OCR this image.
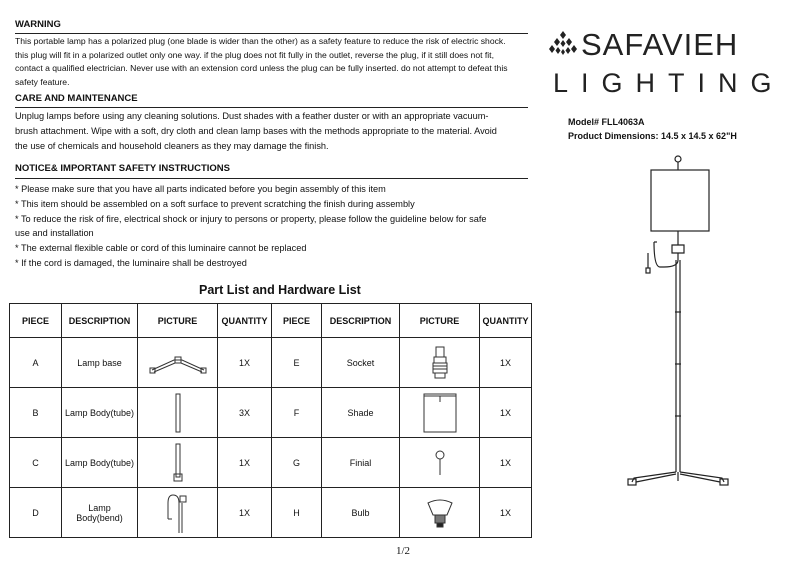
WARNING
This portable lamp has a polarized plug (one blade is wider than the other) as a safety feature to reduce the risk of electric shock.
this plug will fit in a polarized outlet only one way. if the plug does not fit fully in the outlet, reverse the plug, if it still does not fit,
contact a qualified electrician. Never use with an extension cord unless the plug can be fully inserted. do not attempt to defeat this
safety feature.
CARE AND MAINTENANCE
Unplug lamps before using any cleaning solutions. Dust shades with a feather duster or with an appropriate vacuum-
brush attachment. Wipe with a soft, dry cloth and clean lamp bases with the methods appropriate to the material. Avoid
the use of chemicals and household cleaners as they may damage the finish.
NOTICE& IMPORTANT SAFETY INSTRUCTIONS
* Please make sure that you have all parts indicated before you begin assembly of this item
* This item should be assembled on a soft surface to prevent scratching the finish during assembly
* To reduce the risk of fire, electrical shock or injury to persons or property, please follow the guideline below for safe
use and installation
* The external flexible cable or cord of this luminaire cannot be replaced
* If the cord is damaged, the luminaire shall be destroyed
SAFAVIEH
LIGHTING
Model# FLL4063A
Product Dimensions: 14.5 x 14.5 x 62"H
Part List and Hardware List
PIECE	DESCRIPTION	PICTURE	QUANTITY	PIECE	DESCRIPTION	PICTURE	QUANTITY
A	Lamp base		1X	E	Socket		1X
B	Lamp Body(tube)		3X	F	Shade		1X
C	Lamp Body(tube)		1X	G	Finial		1X
D	Lamp
Body(bend)		1X	H	Bulb		1X
1/2
